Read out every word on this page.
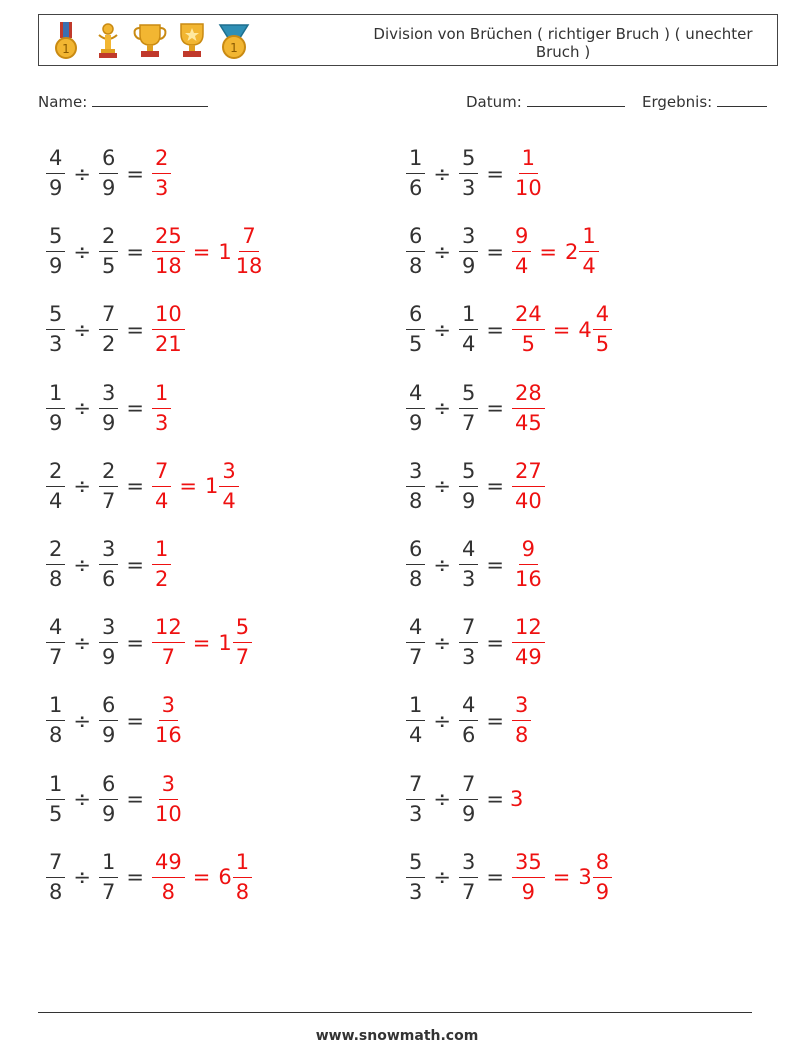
1	1
Division von Brüchen ( richtiger Bruch ) ( unechter Bruch )
Name:	Datum:	Ergebnis:
$\frac{4}{9} \div \frac{6}{9} = \frac{2}{3}$	$\frac{1}{6} \div \frac{5}{3} = \frac{1}{10}$
$\frac{5}{9} \div \frac{2}{5} = \frac{25}{18} = 1 \frac{7}{18}$	$\frac{6}{8} \div \frac{3}{9} = \frac{9}{4} = 2 \frac{1}{4}$
$\frac{5}{3} \div \frac{7}{2} = \frac{10}{21}$	$\frac{6}{5} \div \frac{1}{4} = \frac{24}{5} = 4 \frac{4}{5}$
$\frac{1}{9} \div \frac{3}{9} = \frac{1}{3}$	$\frac{4}{9} \div \frac{5}{7} = \frac{28}{45}$
$\frac{2}{4} \div \frac{2}{7} = \frac{7}{4} = 1 \frac{3}{4}$	$\frac{3}{8} \div \frac{5}{9} = \frac{27}{40}$
$\frac{2}{8} \div \frac{3}{6} = \frac{1}{2}$	$\frac{6}{8} \div \frac{4}{3} = \frac{9}{16}$
$\frac{4}{7} \div \frac{3}{9} = \frac{12}{7} = 1 \frac{5}{7}$	$\frac{4}{7} \div \frac{7}{3} = \frac{12}{49}$
$\frac{1}{8} \div \frac{6}{9} = \frac{3}{16}$	$\frac{1}{4} \div \frac{4}{6} = \frac{3}{8}$
$\frac{1}{5} \div \frac{6}{9} = \frac{3}{10}$	$\frac{7}{3} \div \frac{7}{9} = 3$
$\frac{7}{8} \div \frac{1}{7} = \frac{49}{8} = 6 \frac{1}{8}$	$\frac{5}{3} \div \frac{3}{7} = \frac{35}{9} = 3 \frac{8}{9}$
www.snowmath.com
